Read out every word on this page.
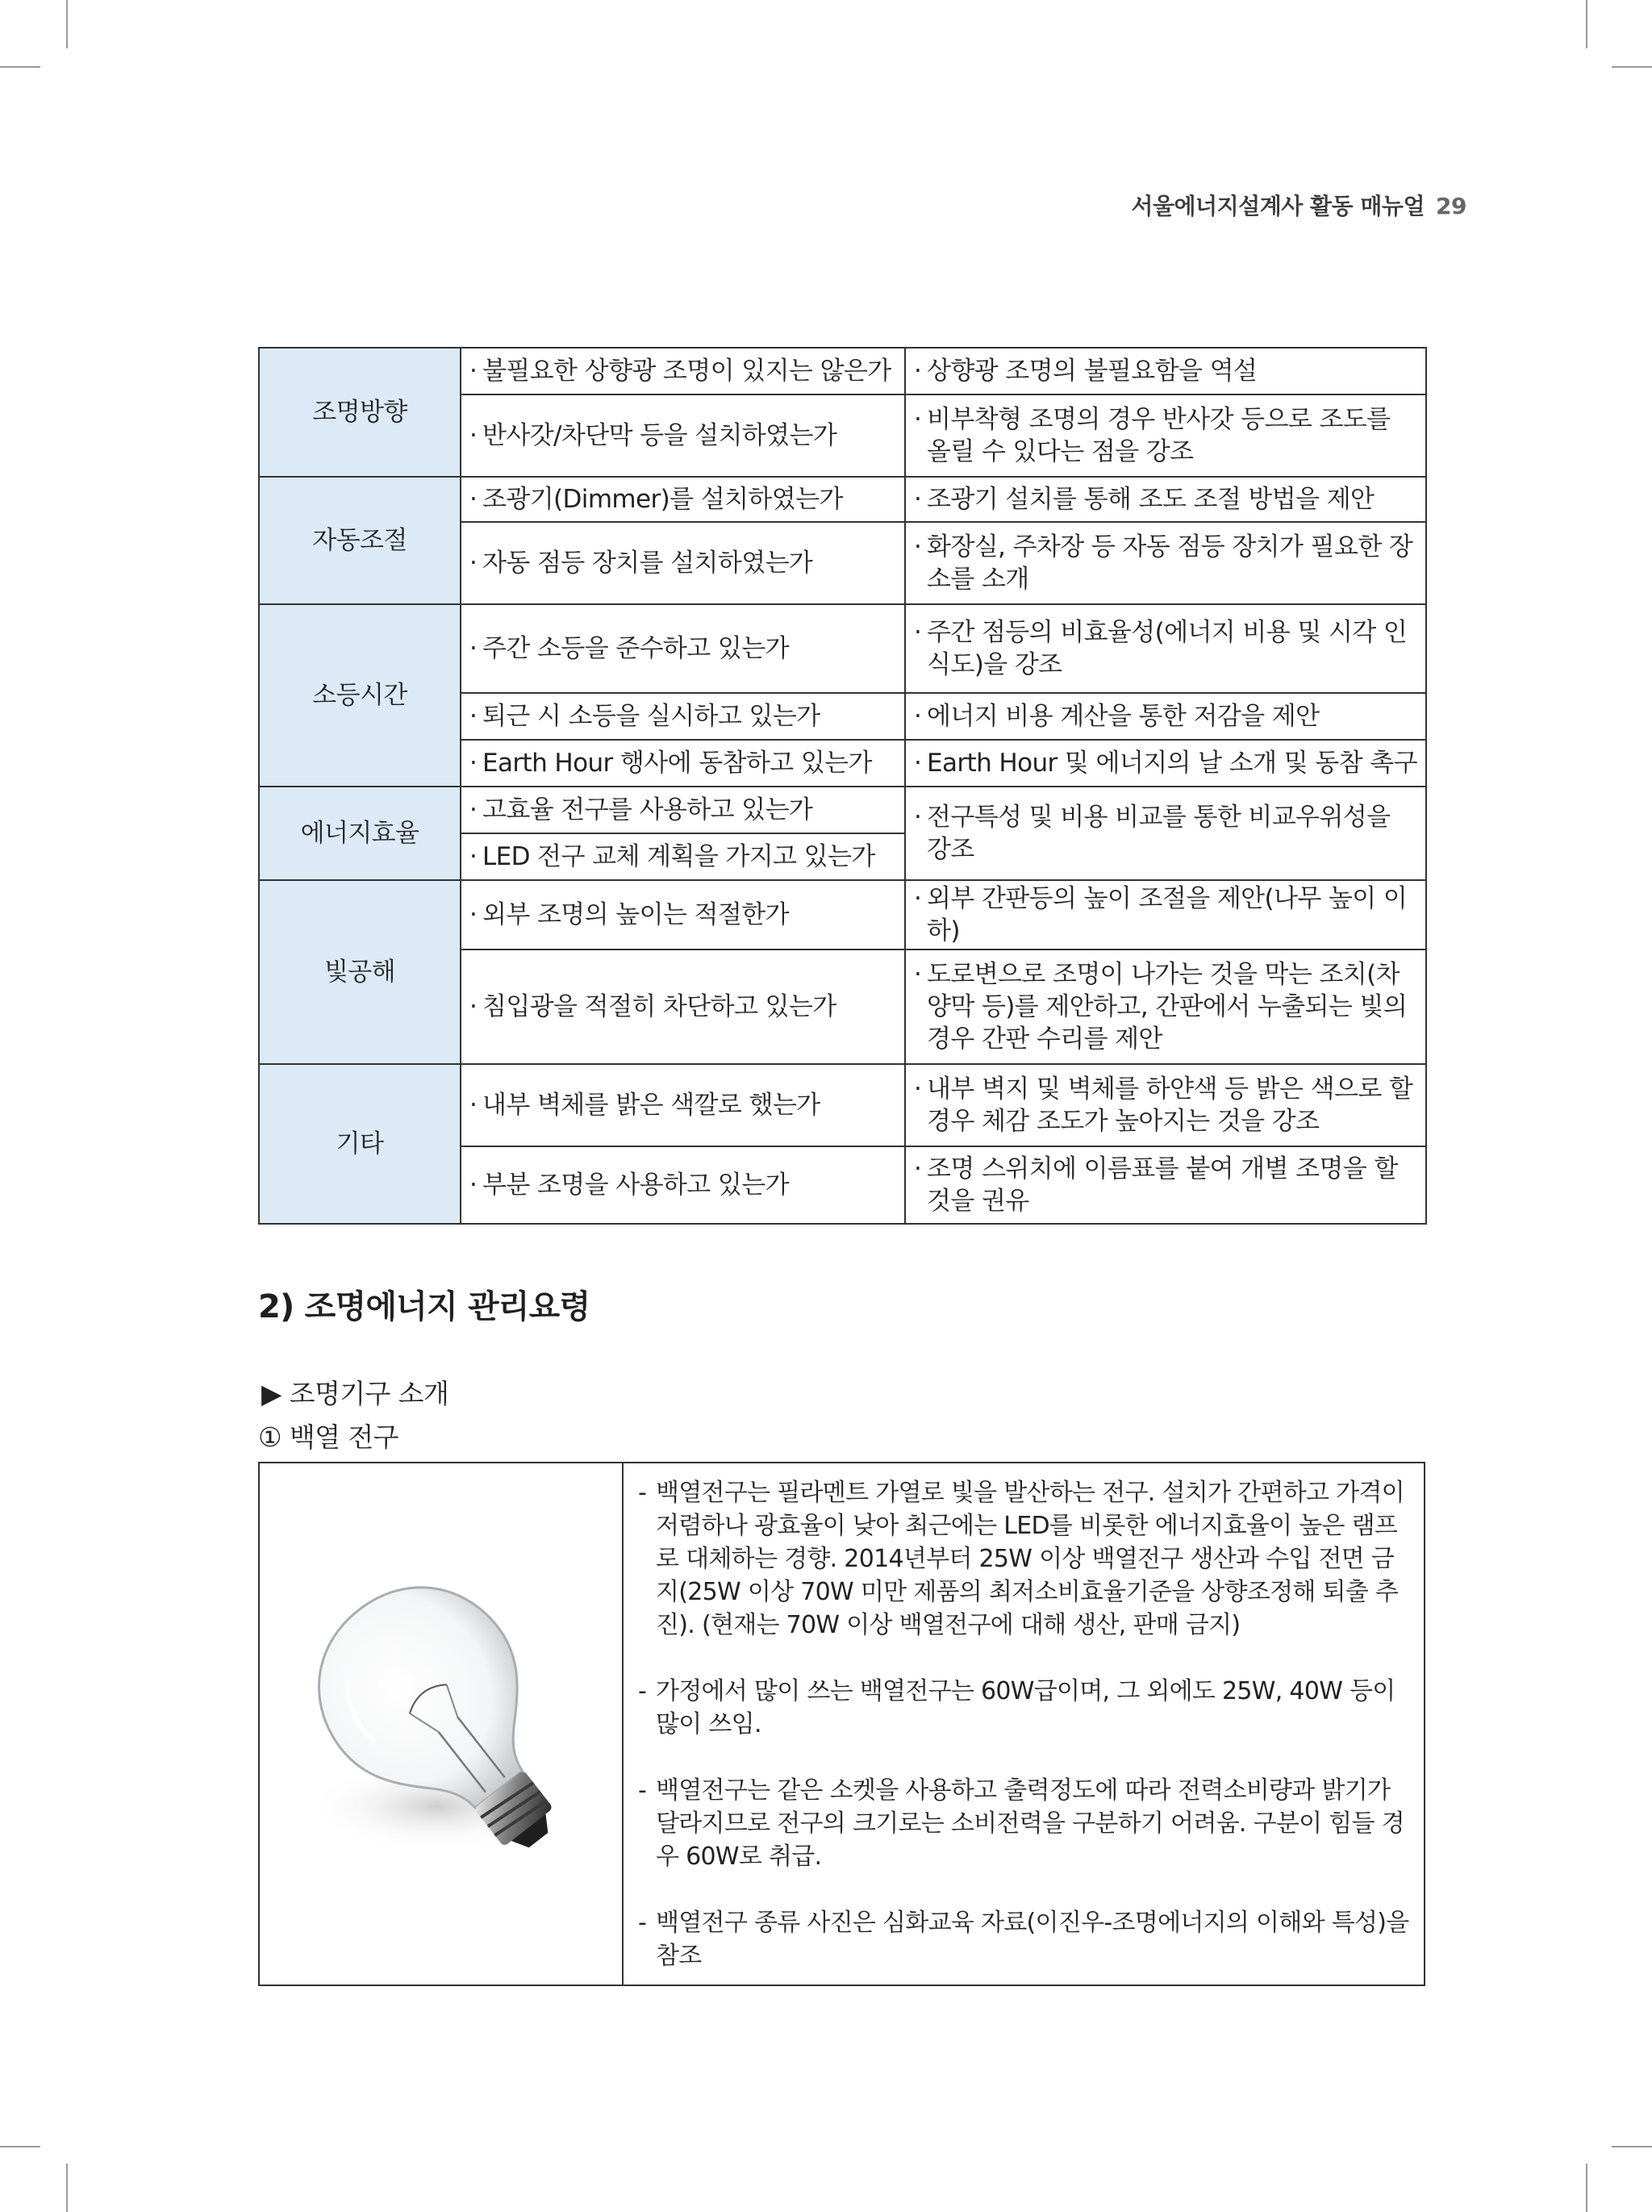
서울에너지설계사 활동 매뉴얼 29
조명방향	· 불필요한 상향광 조명이 있지는 않은가	· 상향광 조명의 불필요함을 역설

	· 반사갓/차단막 등을 설치하였는가	· 비부착형 조명의 경우 반사갓 등으로 조도를 올릴 수 있다는 점을 강조

자동조절	· 조광기(Dimmer)를 설치하였는가	· 조광기 설치를 통해 조도 조절 방법을 제안

	· 자동 점등 장치를 설치하였는가	· 화장실, 주차장 등 자동 점등 장치가 필요한 장소를 소개

소등시간	· 주간 소등을 준수하고 있는가	· 주간 점등의 비효율성(에너지 비용 및 시각 인식도)을 강조

	· 퇴근 시 소등을 실시하고 있는가	· 에너지 비용 계산을 통한 저감을 제안

	· Earth Hour 행사에 동참하고 있는가	· Earth Hour 및 에너지의 날 소개 및 동참 촉구

에너지효율	· 고효율 전구를 사용하고 있는가	· 전구특성 및 비용 비교를 통한 비교우위성을 강조

	· LED 전구 교체 계획을 가지고 있는가	

빛공해	· 외부 조명의 높이는 적절한가	· 외부 간판등의 높이 조절을 제안(나무 높이 이하)

	· 침입광을 적절히 차단하고 있는가	· 도로변으로 조명이 나가는 것을 막는 조치(차양막 등)를 제안하고, 간판에서 누출되는 빛의 경우 간판 수리를 제안

기타	· 내부 벽체를 밝은 색깔로 했는가	· 내부 벽지 및 벽체를 하얀색 등 밝은 색으로 할 경우 체감 조도가 높아지는 것을 강조

	· 부분 조명을 사용하고 있는가	· 조명 스위치에 이름표를 붙여 개별 조명을 할 것을 권유
2) 조명에너지 관리요령
▶ 조명기구 소개
① 백열 전구
- 백열전구는 필라멘트 가열로 빛을 발산하는 전구. 설치가 간편하고 가격이 저렴하나 광효율이 낮아 최근에는 LED를 비롯한 에너지효율이 높은 램프로 대체하는 경향. 2014년부터 25W 이상 백열전구 생산과 수입 전면 금지(25W 이상 70W 미만 제품의 최저소비효율기준을 상향조정해 퇴출 추진). (현재는 70W 이상 백열전구에 대해 생산, 판매 금지)
- 가정에서 많이 쓰는 백열전구는 60W급이며, 그 외에도 25W, 40W 등이 많이 쓰임.
- 백열전구는 같은 소켓을 사용하고 출력정도에 따라 전력소비량과 밝기가 달라지므로 전구의 크기로는 소비전력을 구분하기 어려움. 구분이 힘들 경우 60W로 취급.
- 백열전구 종류 사진은 심화교육 자료(이진우-조명에너지의 이해와 특성)을 참조
